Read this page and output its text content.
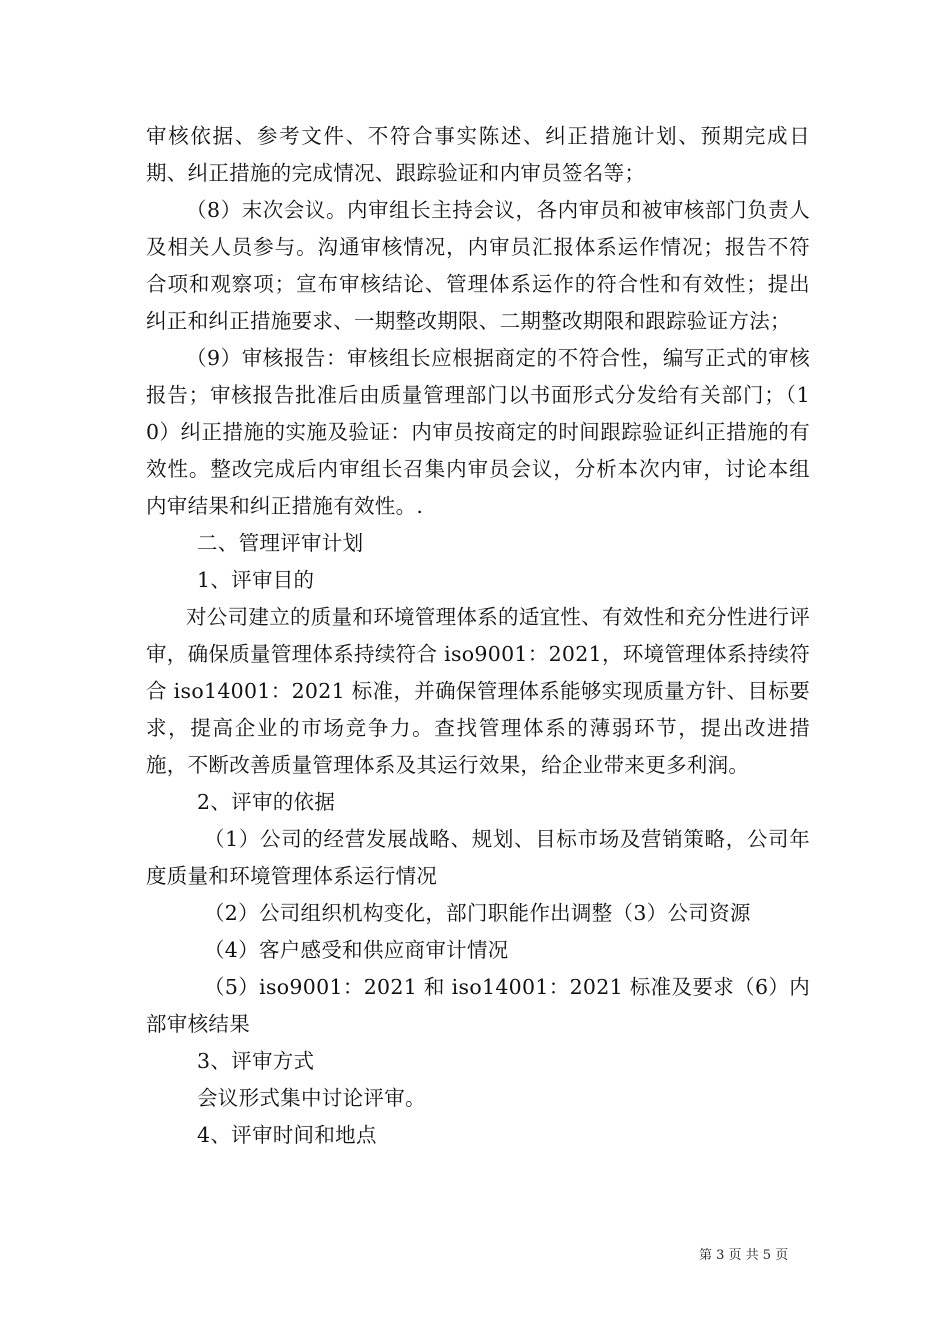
审核依据、参考文件、不符合事实陈述、纠正措施计划、预期完成日期、纠正措施的完成情况、跟踪验证和内审员签名等；

（8）末次会议。内审组长主持会议，各内审员和被审核部门负责人及相关人员参与。沟通审核情况，内审员汇报体系运作情况；报告不符合项和观察项；宣布审核结论、管理体系运作的符合性和有效性；提出纠正和纠正措施要求、一期整改期限、二期整改期限和跟踪验证方法；

（9）审核报告：审核组长应根据商定的不符合性，编写正式的审核报告；审核报告批准后由质量管理部门以书面形式分发给有关部门；（10）纠正措施的实施及验证：内审员按商定的时间跟踪验证纠正措施的有效性。整改完成后内审组长召集内审员会议，分析本次内审，讨论本组内审结果和纠正措施有效性。.

二、管理评审计划

1、评审目的

对公司建立的质量和环境管理体系的适宜性、有效性和充分性进行评审，确保质量管理体系持续符合 iso9001：2021，环境管理体系持续符合 iso14001：2021 标准，并确保管理体系能够实现质量方针、目标要求，提高企业的市场竞争力。查找管理体系的薄弱环节，提出改进措施，不断改善质量管理体系及其运行效果，给企业带来更多利润。

2、评审的依据

（1）公司的经营发展战略、规划、目标市场及营销策略，公司年度质量和环境管理体系运行情况

（2）公司组织机构变化，部门职能作出调整（3）公司资源

（4）客户感受和供应商审计情况

（5）iso9001：2021 和 iso14001：2021 标准及要求（6）内部审核结果

3、评审方式

会议形式集中讨论评审。

4、评审时间和地点

第 3 页 共 5 页
